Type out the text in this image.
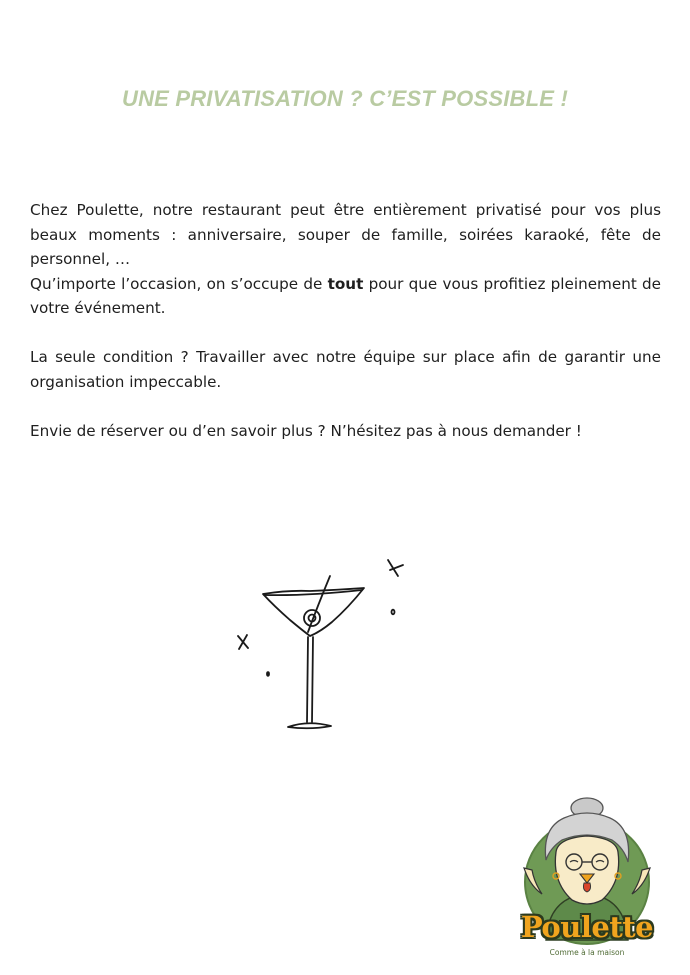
UNE PRIVATISATION ? C’EST POSSIBLE !

Chez Poulette, notre restaurant peut être entièrement privatisé pour vos plus beaux moments : anniversaire, souper de famille, soirées karaoké, fête de personnel, …

Qu’importe l’occasion, on s’occupe de tout pour que vous profitiez pleinement de votre événement.

La seule condition ? Travailler avec notre équipe sur place afin de garantir une organisation impeccable.

Envie de réserver ou d’en savoir plus ? N’hésitez pas à nous demander !

Poulette
Comme à la maison
